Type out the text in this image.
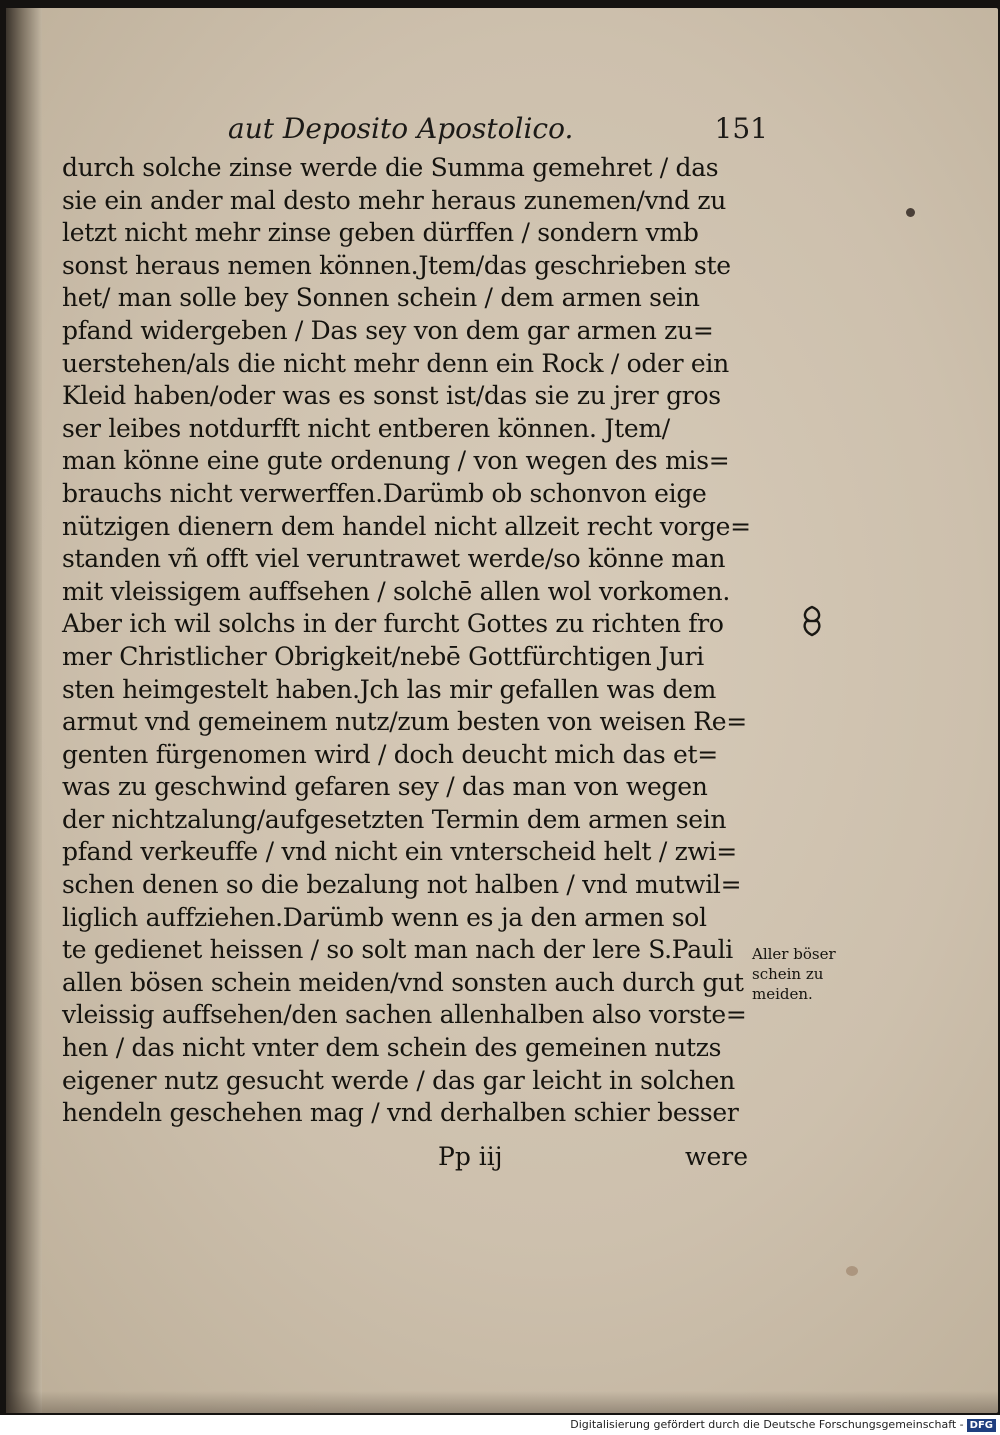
aut Deposito Apostolico.	151
durch solche zinse werde die Summa gemehret / das
sie ein ander mal desto mehr heraus zunemen/vnd zu
letzt nicht mehr zinse geben dürffen / sondern vmb
sonst heraus nemen können.Jtem/das geschrieben ste
het/ man solle bey Sonnen schein / dem armen sein
pfand widergeben / Das sey von dem gar armen zu=
uerstehen/als die nicht mehr denn ein Rock / oder ein
Kleid haben/oder was es sonst ist/das sie zu jrer gros
ser leibes notdurfft nicht entberen können. Jtem/
man könne eine gute ordenung / von wegen des mis=
brauchs nicht verwerffen.Darümb ob schonvon eige
nützigen dienern dem handel nicht allzeit recht vorge=
standen vñ offt viel veruntrawet werde/so könne man
mit vleissigem auffsehen / solchē allen wol vorkomen.
Aber ich wil solchs in der furcht Gottes zu richten fro
mer Christlicher Obrigkeit/nebē Gottfürchtigen Juri
sten heimgestelt haben.Jch las mir gefallen was dem
armut vnd gemeinem nutz/zum besten von weisen Re=
genten fürgenomen wird / doch deucht mich das et=
was zu geschwind gefaren sey / das man von wegen
der nichtzalung/aufgesetzten Termin dem armen sein
pfand verkeuffe / vnd nicht ein vnterscheid helt / zwi=
schen denen so die bezalung not halben / vnd mutwil=
liglich auffziehen.Darümb wenn es ja den armen sol
te gedienet heissen / so solt man nach der lere S.Pauli
allen bösen schein meiden/vnd sonsten auch durch gut
vleissig auffsehen/den sachen allenhalben also vorste=
hen / das nicht vnter dem schein des gemeinen nutzs
eigener nutz gesucht werde / das gar leicht in solchen
hendeln geschehen mag / vnd derhalben schier besser
Pp iij	were
Aller böser
schein zu
meiden.
Digitalisierung gefördert durch die Deutsche Forschungsgemeinschaft - DFG
